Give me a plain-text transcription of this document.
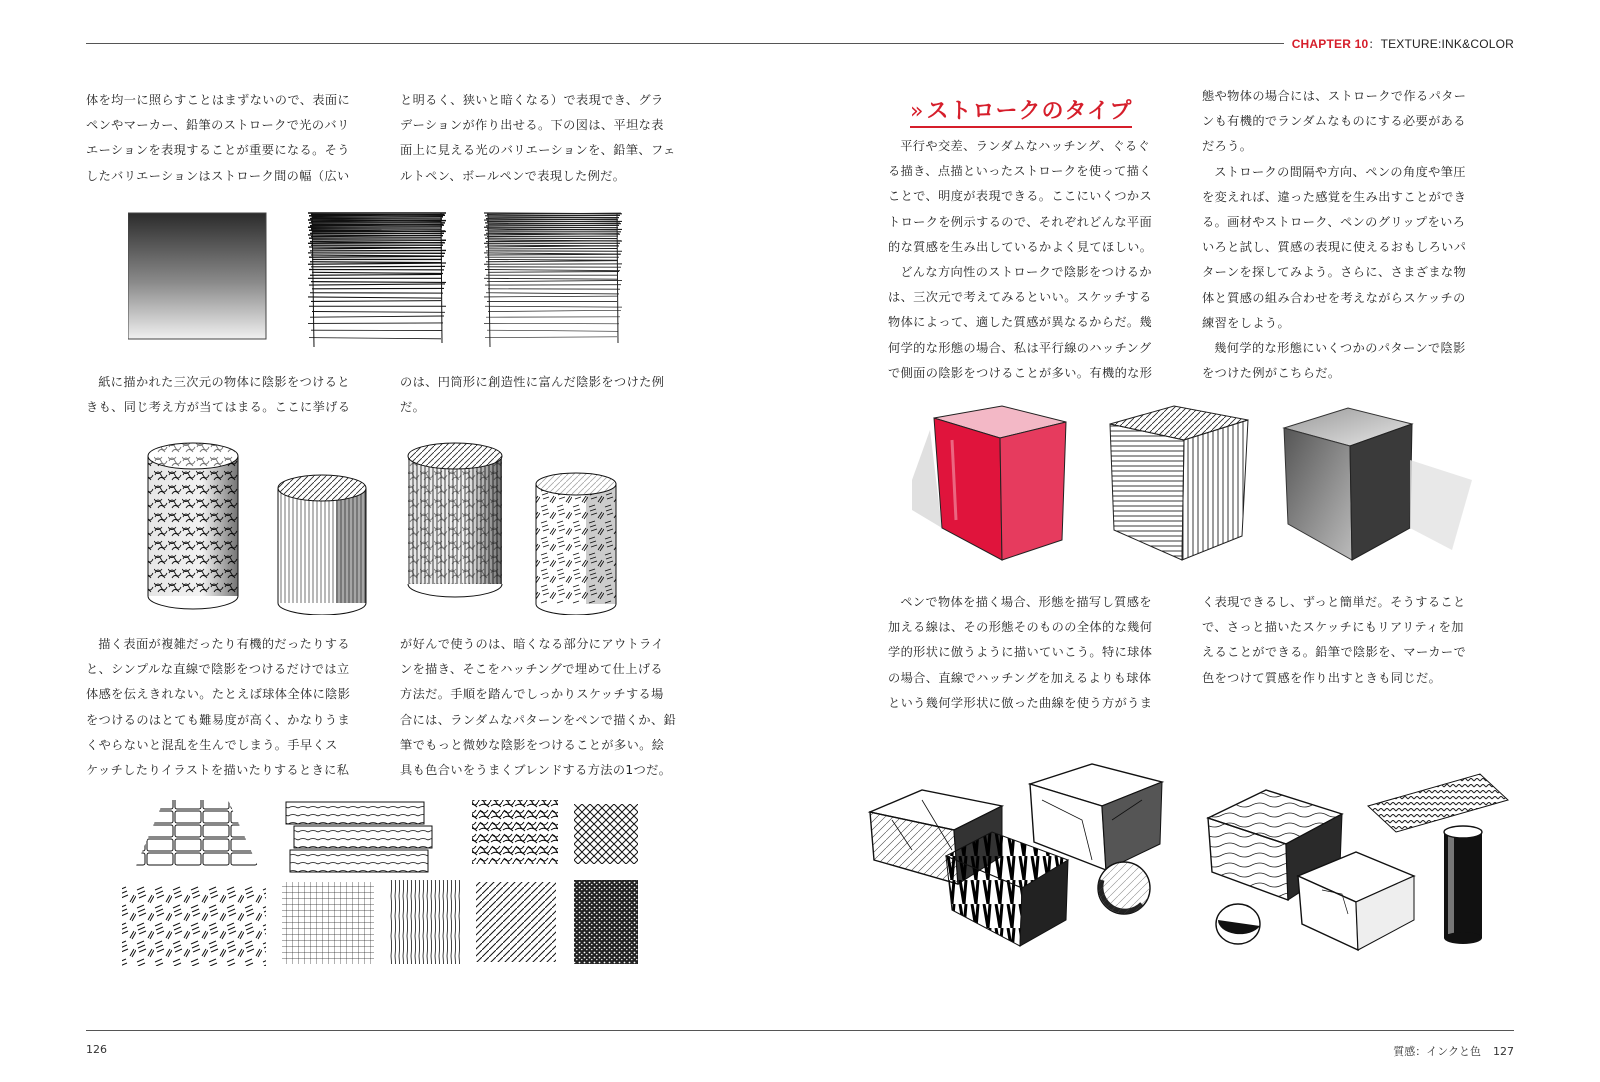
CHAPTER 10：TEXTURE:INK&COLOR

体を均一に照らすことはまずないので、表面に

ペンやマーカー、鉛筆のストロークで光のバリ

エーションを表現することが重要になる。そう

したバリエーションはストローク間の幅（広い

と明るく、狭いと暗くなる）で表現でき、グラ

デーションが作り出せる。下の図は、平坦な表

面上に見える光のバリエーションを、鉛筆、フェ

ルトペン、ボールペンで表現した例だ。

紙に描かれた三次元の物体に陰影をつけると

きも、同じ考え方が当てはまる。ここに挙げる

のは、円筒形に創造性に富んだ陰影をつけた例

だ。

描く表面が複雑だったり有機的だったりする

と、シンプルな直線で陰影をつけるだけでは立

体感を伝えきれない。たとえば球体全体に陰影

をつけるのはとても難易度が高く、かなりうま

くやらないと混乱を生んでしまう。手早くス

ケッチしたりイラストを描いたりするときに私

が好んで使うのは、暗くなる部分にアウトライ

ンを描き、そこをハッチングで埋めて仕上げる

方法だ。手順を踏んでしっかりスケッチする場

合には、ランダムなパターンをペンで描くか、鉛

筆でもっと微妙な陰影をつけることが多い。絵

具も色合いをうまくブレンドする方法の1つだ。

»ストロークのタイプ

平行や交差、ランダムなハッチング、ぐるぐ

る描き、点描といったストロークを使って描く

ことで、明度が表現できる。ここにいくつかス

トロークを例示するので、それぞれどんな平面

的な質感を生み出しているかよく見てほしい。

どんな方向性のストロークで陰影をつけるか

は、三次元で考えてみるといい。スケッチする

物体によって、適した質感が異なるからだ。幾

何学的な形態の場合、私は平行線のハッチング

で側面の陰影をつけることが多い。有機的な形

態や物体の場合には、ストロークで作るパター

ンも有機的でランダムなものにする必要がある

だろう。

ストロークの間隔や方向、ペンの角度や筆圧

を変えれば、違った感覚を生み出すことができ

る。画材やストローク、ペンのグリップをいろ

いろと試し、質感の表現に使えるおもしろいパ

ターンを探してみよう。さらに、さまざまな物

体と質感の組み合わせを考えながらスケッチの

練習をしよう。

幾何学的な形態にいくつかのパターンで陰影

をつけた例がこちらだ。

ペンで物体を描く場合、形態を描写し質感を

加える線は、その形態そのものの全体的な幾何

学的形状に倣うように描いていこう。特に球体

の場合、直線でハッチングを加えるよりも球体

という幾何学形状に倣った曲線を使う方がうま

く表現できるし、ずっと簡単だ。そうすること

で、さっと描いたスケッチにもリアリティを加

えることができる。鉛筆で陰影を、マーカーで

色をつけて質感を作り出すときも同じだ。

126	質感：インクと色 127
